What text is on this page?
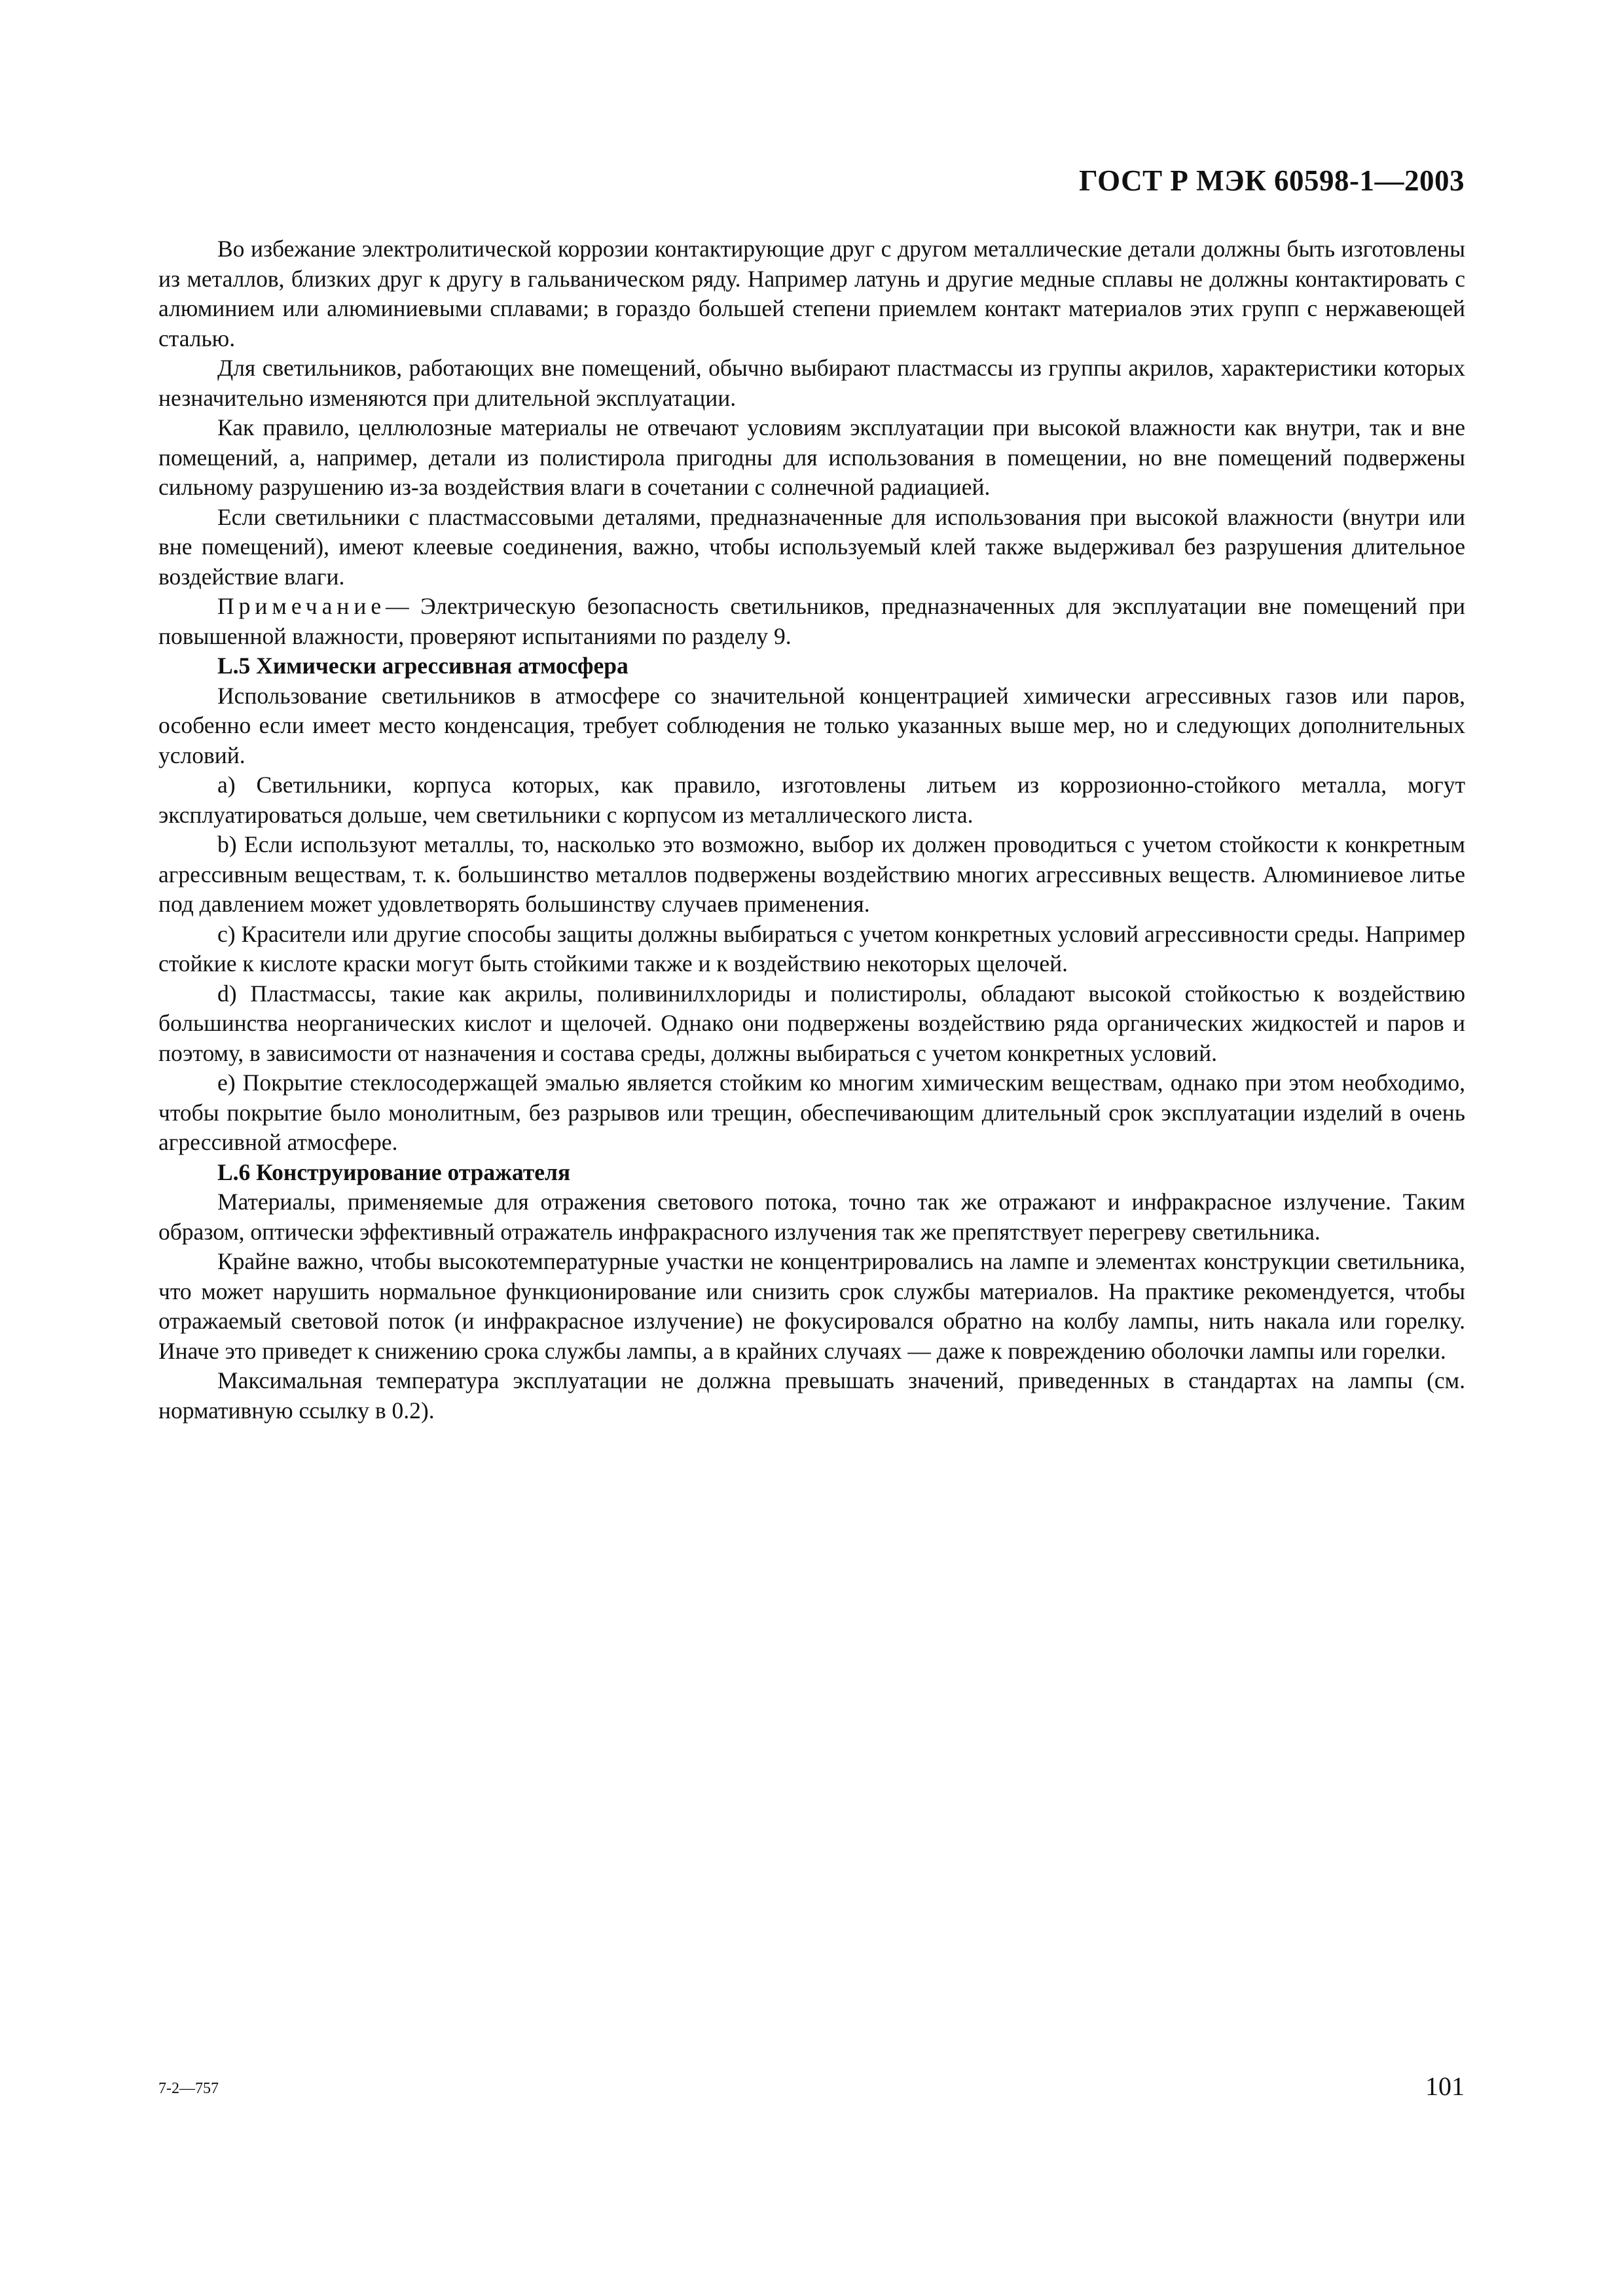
ГОСТ Р МЭК 60598-1—2003

Во избежание электролитической коррозии контактирующие друг с другом металлические детали должны быть изготовлены из металлов, близких друг к другу в гальваническом ряду. Например латунь и другие медные сплавы не должны контактировать с алюминием или алюминиевыми сплавами; в гораздо большей степени приемлем контакт материалов этих групп с нержавеющей сталью.

Для светильников, работающих вне помещений, обычно выбирают пластмассы из группы акрилов, характеристики которых незначительно изменяются при длительной эксплуатации.

Как правило, целлюлозные материалы не отвечают условиям эксплуатации при высокой влажности как внутри, так и вне помещений, а, например, детали из полистирола пригодны для использования в помещении, но вне помещений подвержены сильному разрушению из-за воздействия влаги в сочетании с солнечной радиацией.

Если светильники с пластмассовыми деталями, предназначенные для использования при высокой влажности (внутри или вне помещений), имеют клеевые соединения, важно, чтобы используемый клей также выдерживал без разрушения длительное воздействие влаги.

Примечание— Электрическую безопасность светильников, предназначенных для эксплуатации вне помещений при повышенной влажности, проверяют испытаниями по разделу 9.

L.5 Химически агрессивная атмосфера

Использование светильников в атмосфере со значительной концентрацией химически агрессивных газов или паров, особенно если имеет место конденсация, требует соблюдения не только указанных выше мер, но и следующих дополнительных условий.

a) Светильники, корпуса которых, как правило, изготовлены литьем из коррозионно-стойкого металла, могут эксплуатироваться дольше, чем светильники с корпусом из металлического листа.

b) Если используют металлы, то, насколько это возможно, выбор их должен проводиться с учетом стойкости к конкретным агрессивным веществам, т. к. большинство металлов подвержены воздействию многих агрессивных веществ. Алюминиевое литье под давлением может удовлетворять большинству случаев применения.

c) Красители или другие способы защиты должны выбираться с учетом конкретных условий агрессивности среды. Например стойкие к кислоте краски могут быть стойкими также и к воздействию некоторых щелочей.

d) Пластмассы, такие как акрилы, поливинилхлориды и полистиролы, обладают высокой стойкостью к воздействию большинства неорганических кислот и щелочей. Однако они подвержены воздействию ряда органических жидкостей и паров и поэтому, в зависимости от назначения и состава среды, должны выбираться с учетом конкретных условий.

e) Покрытие стеклосодержащей эмалью является стойким ко многим химическим веществам, однако при этом необходимо, чтобы покрытие было монолитным, без разрывов или трещин, обеспечивающим длительный срок эксплуатации изделий в очень агрессивной атмосфере.

L.6 Конструирование отражателя

Материалы, применяемые для отражения светового потока, точно так же отражают и инфракрасное излучение. Таким образом, оптически эффективный отражатель инфракрасного излучения так же препятствует перегреву светильника.

Крайне важно, чтобы высокотемпературные участки не концентрировались на лампе и элементах конструкции светильника, что может нарушить нормальное функционирование или снизить срок службы материалов. На практике рекомендуется, чтобы отражаемый световой поток (и инфракрасное излучение) не фокусировался обратно на колбу лампы, нить накала или горелку. Иначе это приведет к снижению срока службы лампы, а в крайних случаях — даже к повреждению оболочки лампы или горелки.

Максимальная температура эксплуатации не должна превышать значений, приведенных в стандартах на лампы (см. нормативную ссылку в 0.2).

7-2—757	101
